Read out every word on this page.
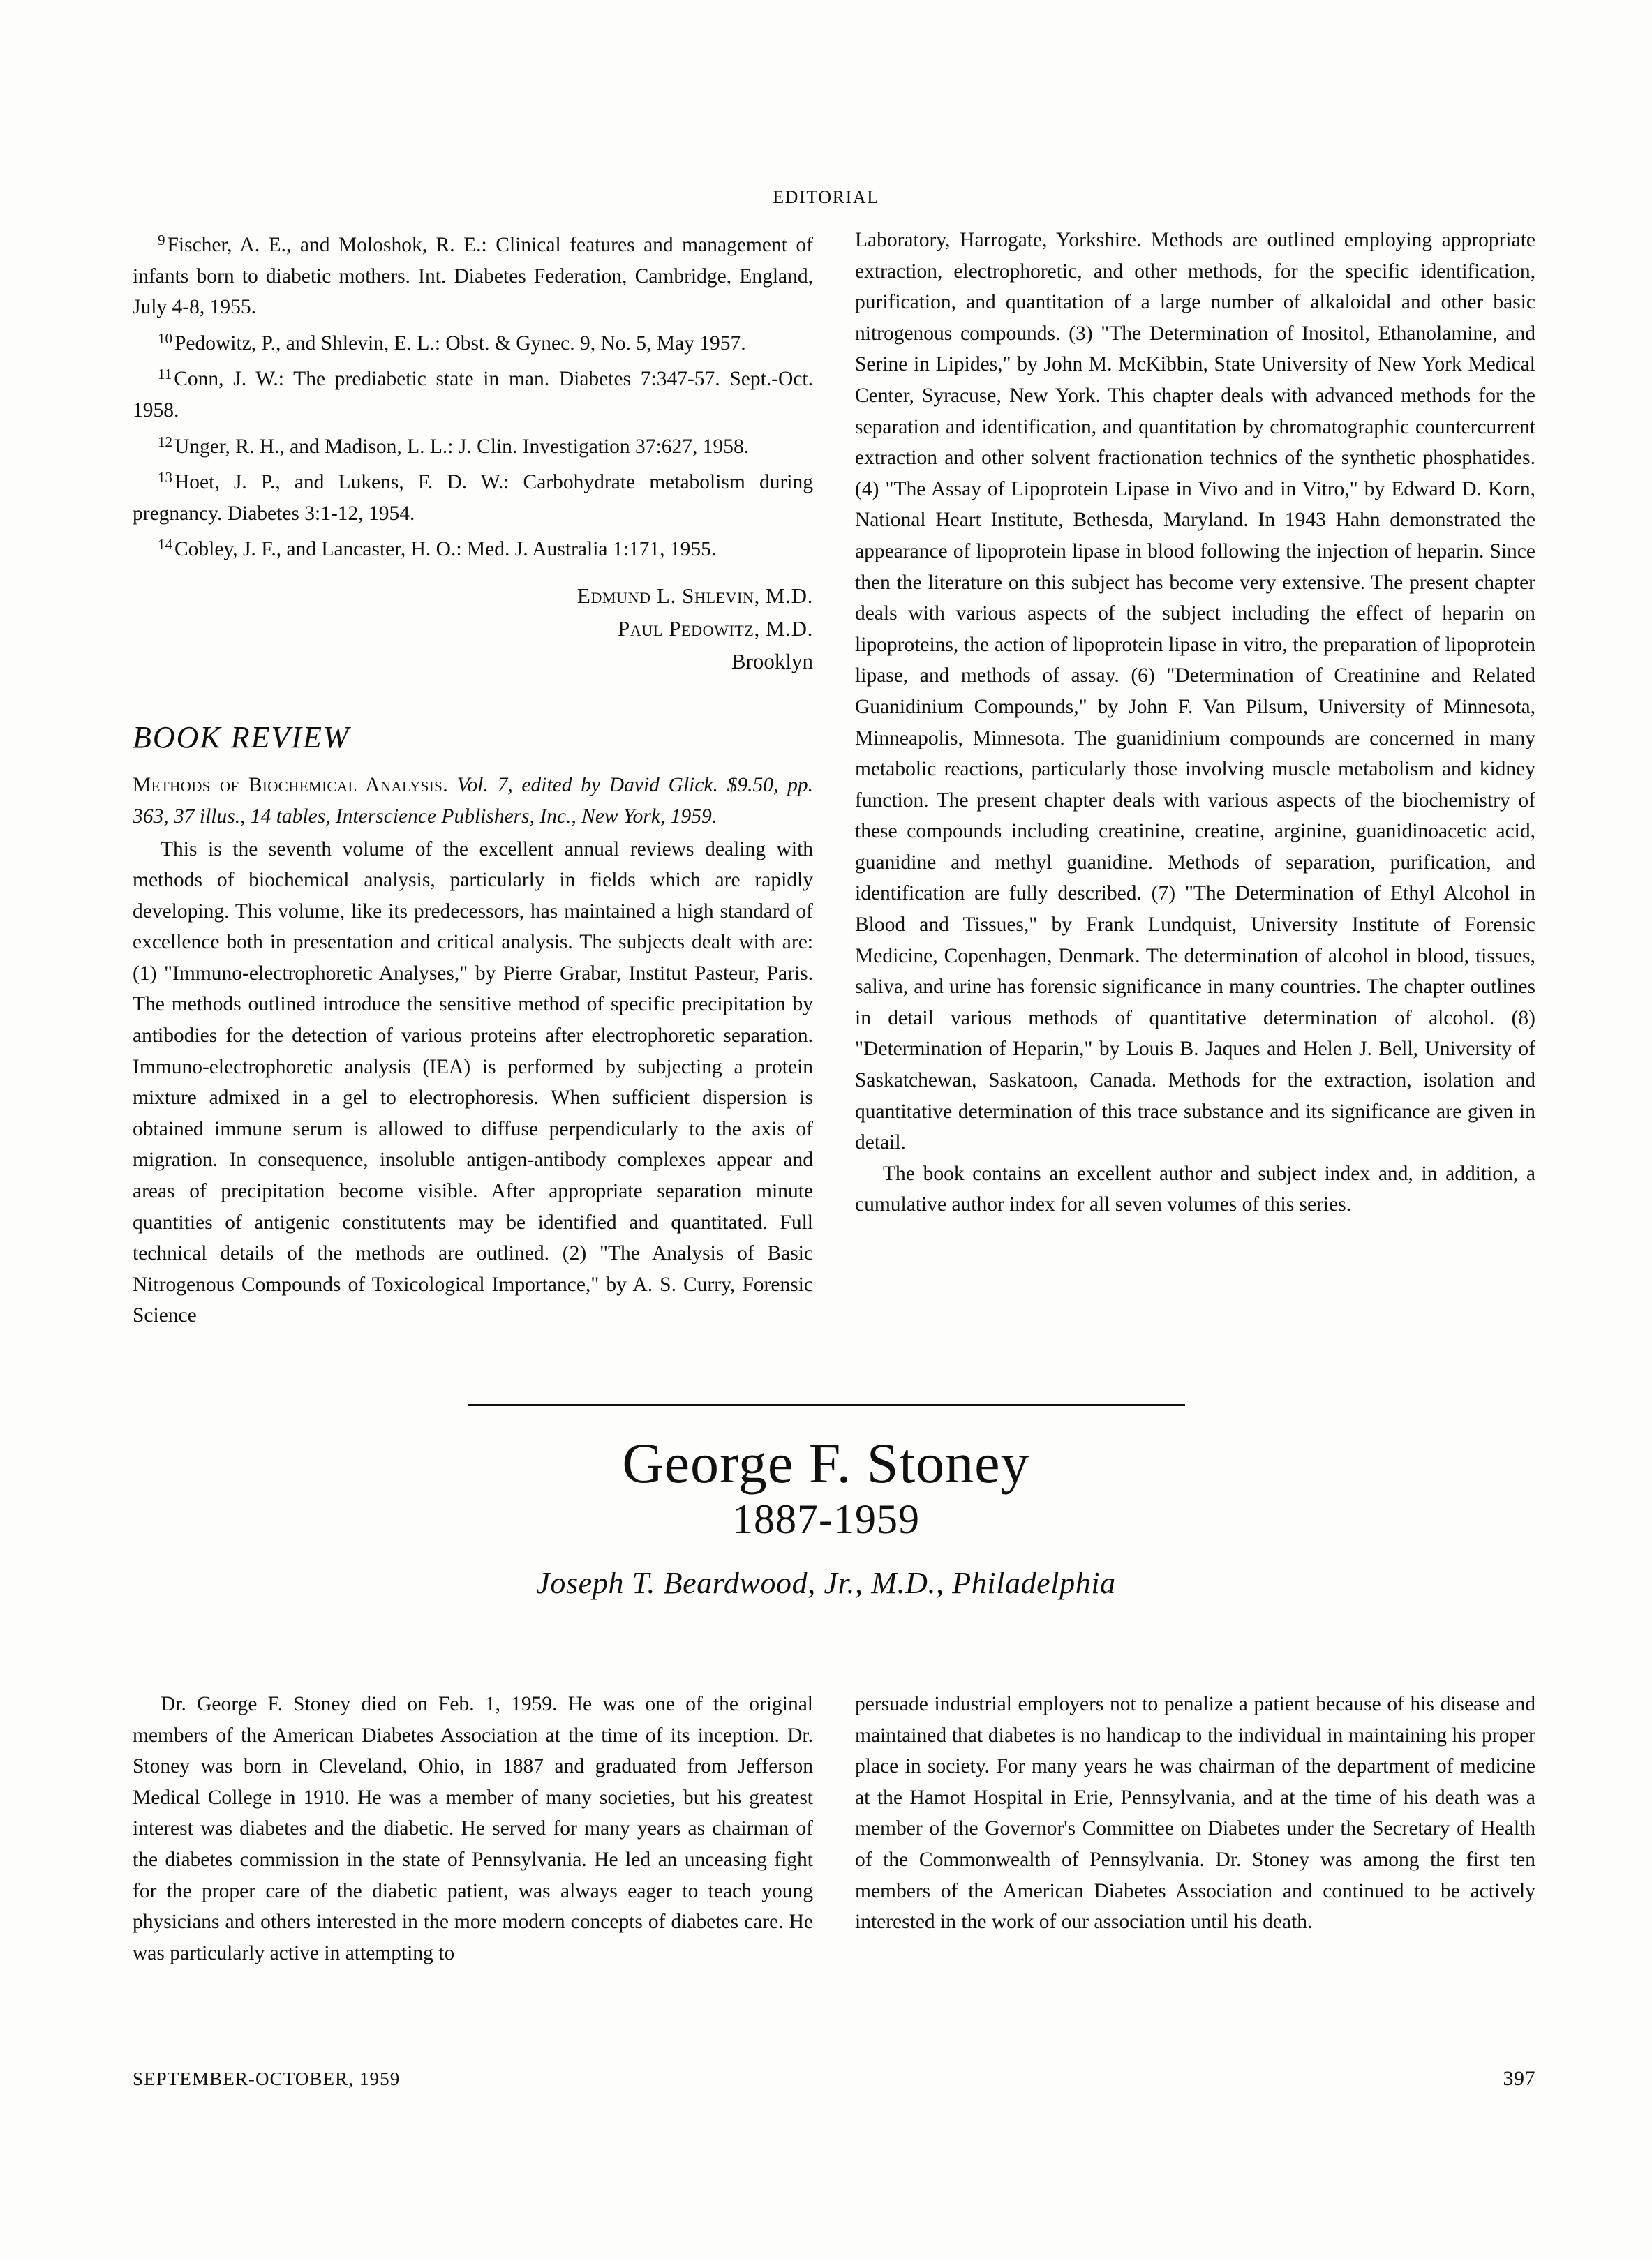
EDITORIAL

$^9$ Fischer, A. E., and Moloshok, R. E.: Clinical features and management of infants born to diabetic mothers. Int. Diabetes Federation, Cambridge, England, July 4-8, 1955.

$^{10}$ Pedowitz, P., and Shlevin, E. L.: Obst. & Gynec. 9, No. 5, May 1957.

$^{11}$ Conn, J. W.: The prediabetic state in man. Diabetes 7:347-57. Sept.-Oct. 1958.

$^{12}$ Unger, R. H., and Madison, L. L.: J. Clin. Investigation 37:627, 1958.

$^{13}$ Hoet, J. P., and Lukens, F. D. W.: Carbohydrate metabolism during pregnancy. Diabetes 3:1-12, 1954.

$^{14}$ Cobley, J. F., and Lancaster, H. O.: Med. J. Australia 1:171, 1955.

Edmund L. Shlevin, M.D.
Paul Pedowitz, M.D.
Brooklyn
BOOK REVIEW

Methods of Biochemical Analysis. Vol. 7, edited by David Glick. $9.50, pp. 363, 37 illus., 14 tables, Interscience Publishers, Inc., New York, 1959.

This is the seventh volume of the excellent annual reviews dealing with methods of biochemical analysis, particularly in fields which are rapidly developing. This volume, like its predecessors, has maintained a high standard of excellence both in presentation and critical analysis. The subjects dealt with are: (1) "Immuno-electrophoretic Analyses," by Pierre Grabar, Institut Pasteur, Paris. The methods outlined introduce the sensitive method of specific precipitation by antibodies for the detection of various proteins after electrophoretic separation. Immuno-electrophoretic analysis (IEA) is performed by subjecting a protein mixture admixed in a gel to electrophoresis. When sufficient dispersion is obtained immune serum is allowed to diffuse perpendicularly to the axis of migration. In consequence, insoluble antigen-antibody complexes appear and areas of precipitation become visible. After appropriate separation minute quantities of antigenic constitutents may be identified and quantitated. Full technical details of the methods are outlined. (2) "The Analysis of Basic Nitrogenous Compounds of Toxicological Importance," by A. S. Curry, Forensic Science

Laboratory, Harrogate, Yorkshire. Methods are outlined employing appropriate extraction, electrophoretic, and other methods, for the specific identification, purification, and quantitation of a large number of alkaloidal and other basic nitrogenous compounds. (3) "The Determination of Inositol, Ethanolamine, and Serine in Lipides," by John M. McKibbin, State University of New York Medical Center, Syracuse, New York. This chapter deals with advanced methods for the separation and identification, and quantitation by chromatographic countercurrent extraction and other solvent fractionation technics of the synthetic phosphatides. (4) "The Assay of Lipoprotein Lipase in Vivo and in Vitro," by Edward D. Korn, National Heart Institute, Bethesda, Maryland. In 1943 Hahn demonstrated the appearance of lipoprotein lipase in blood following the injection of heparin. Since then the literature on this subject has become very extensive. The present chapter deals with various aspects of the subject including the effect of heparin on lipoproteins, the action of lipoprotein lipase in vitro, the preparation of lipoprotein lipase, and methods of assay. (6) "Determination of Creatinine and Related Guanidinium Compounds," by John F. Van Pilsum, University of Minnesota, Minneapolis, Minnesota. The guanidinium compounds are concerned in many metabolic reactions, particularly those involving muscle metabolism and kidney function. The present chapter deals with various aspects of the biochemistry of these compounds including creatinine, creatine, arginine, guanidinoacetic acid, guanidine and methyl guanidine. Methods of separation, purification, and identification are fully described. (7) "The Determination of Ethyl Alcohol in Blood and Tissues," by Frank Lundquist, University Institute of Forensic Medicine, Copenhagen, Denmark. The determination of alcohol in blood, tissues, saliva, and urine has forensic significance in many countries. The chapter outlines in detail various methods of quantitative determination of alcohol. (8) "Determination of Heparin," by Louis B. Jaques and Helen J. Bell, University of Saskatchewan, Saskatoon, Canada. Methods for the extraction, isolation and quantitative determination of this trace substance and its significance are given in detail.

The book contains an excellent author and subject index and, in addition, a cumulative author index for all seven volumes of this series.

George F. Stoney
1887-1959
Joseph T. Beardwood, Jr., M.D., Philadelphia

Dr. George F. Stoney died on Feb. 1, 1959. He was one of the original members of the American Diabetes Association at the time of its inception. Dr. Stoney was born in Cleveland, Ohio, in 1887 and graduated from Jefferson Medical College in 1910. He was a member of many societies, but his greatest interest was diabetes and the diabetic. He served for many years as chairman of the diabetes commission in the state of Pennsylvania. He led an unceasing fight for the proper care of the diabetic patient, was always eager to teach young physicians and others interested in the more modern concepts of diabetes care. He was particularly active in attempting to

persuade industrial employers not to penalize a patient because of his disease and maintained that diabetes is no handicap to the individual in maintaining his proper place in society. For many years he was chairman of the department of medicine at the Hamot Hospital in Erie, Pennsylvania, and at the time of his death was a member of the Governor's Committee on Diabetes under the Secretary of Health of the Commonwealth of Pennsylvania. Dr. Stoney was among the first ten members of the American Diabetes Association and continued to be actively interested in the work of our association until his death.

SEPTEMBER-OCTOBER, 1959	397
